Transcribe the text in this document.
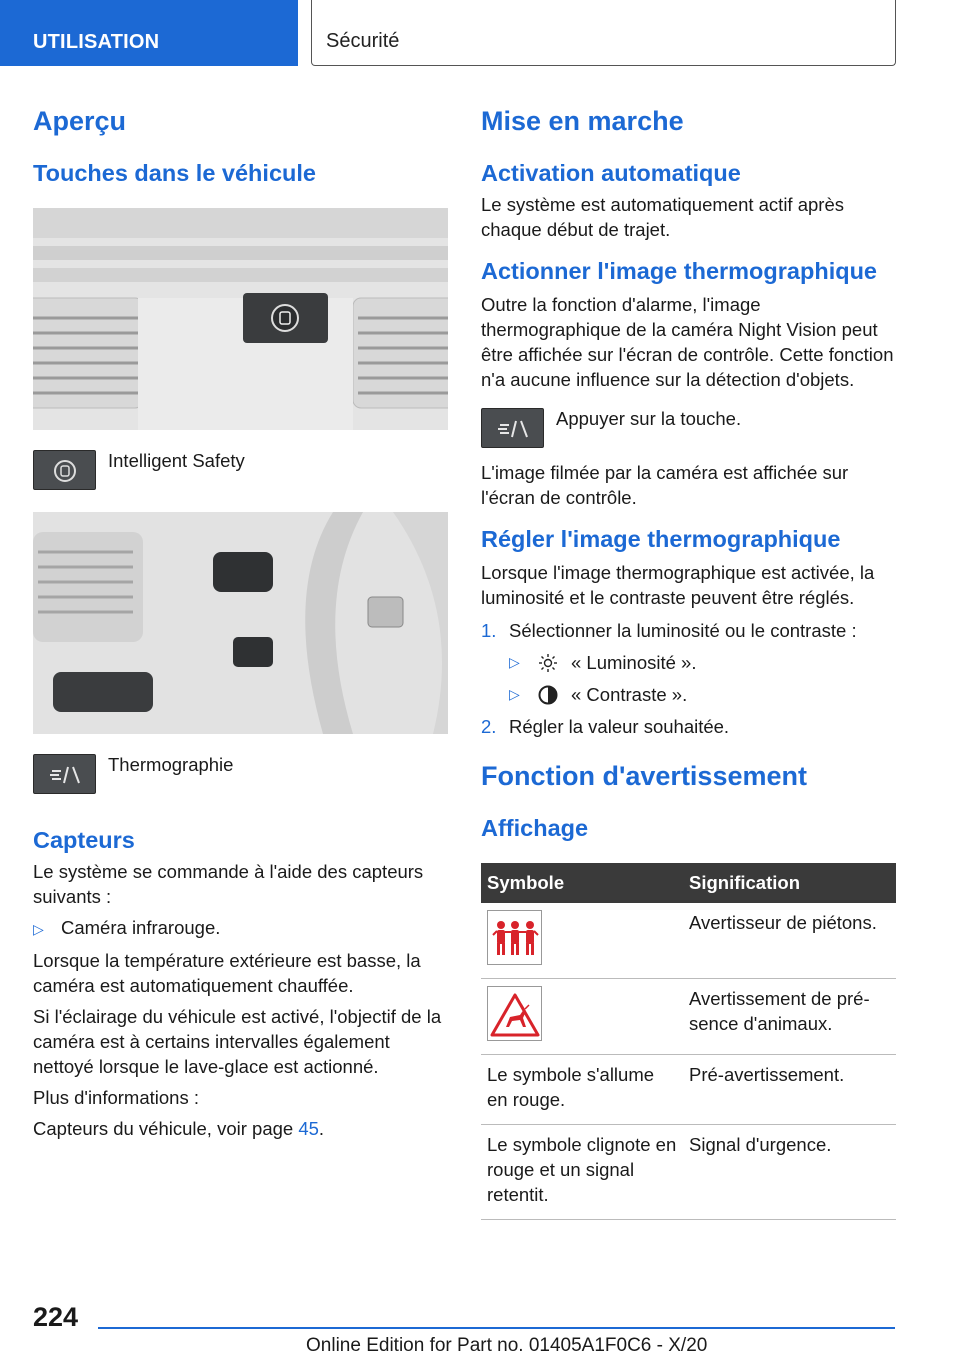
UTILISATION	Sécurité
Aperçu
Touches dans le véhicule

Intelligent Safety

Thermographie

Capteurs

Le système se commande à l'aide des capteurs suivants :

▷ Caméra infrarouge.

Lorsque la température extérieure est basse, la caméra est automatiquement chauffée.

Si l'éclairage du véhicule est activé, l'objectif de la caméra est à certains intervalles également nettoyé lorsque le lave-glace est actionné.

Plus d'informations :

Capteurs du véhicule, voir page 45.

Mise en marche
Activation automatique

Le système est automatiquement actif après chaque début de trajet.

Actionner l'image thermographique

Outre la fonction d'alarme, l'image thermographique de la caméra Night Vision peut être affichée sur l'écran de contrôle. Cette fonction n'a aucune influence sur la détection d'objets.

Appuyer sur la touche.

L'image filmée par la caméra est affichée sur l'écran de contrôle.

Régler l'image thermographique

Lorsque l'image thermographique est activée, la luminosité et le contraste peuvent être réglés.

1. Sélectionner la luminosité ou le contraste :

▷	« Luminosité ».

▷	« Contraste ».

2. Régler la valeur souhaitée.

Fonction d'avertissement
Affichage
Symbole	Signification

	Avertisseur de piétons.

	Avertissement de pré-sence d'animaux.
Le symbole s'allume en rouge.	Pré-avertissement.
Le symbole clignote en rouge et un signal retentit.	Signal d'urgence.
224
Online Edition for Part no. 01405A1F0C6 - X/20
